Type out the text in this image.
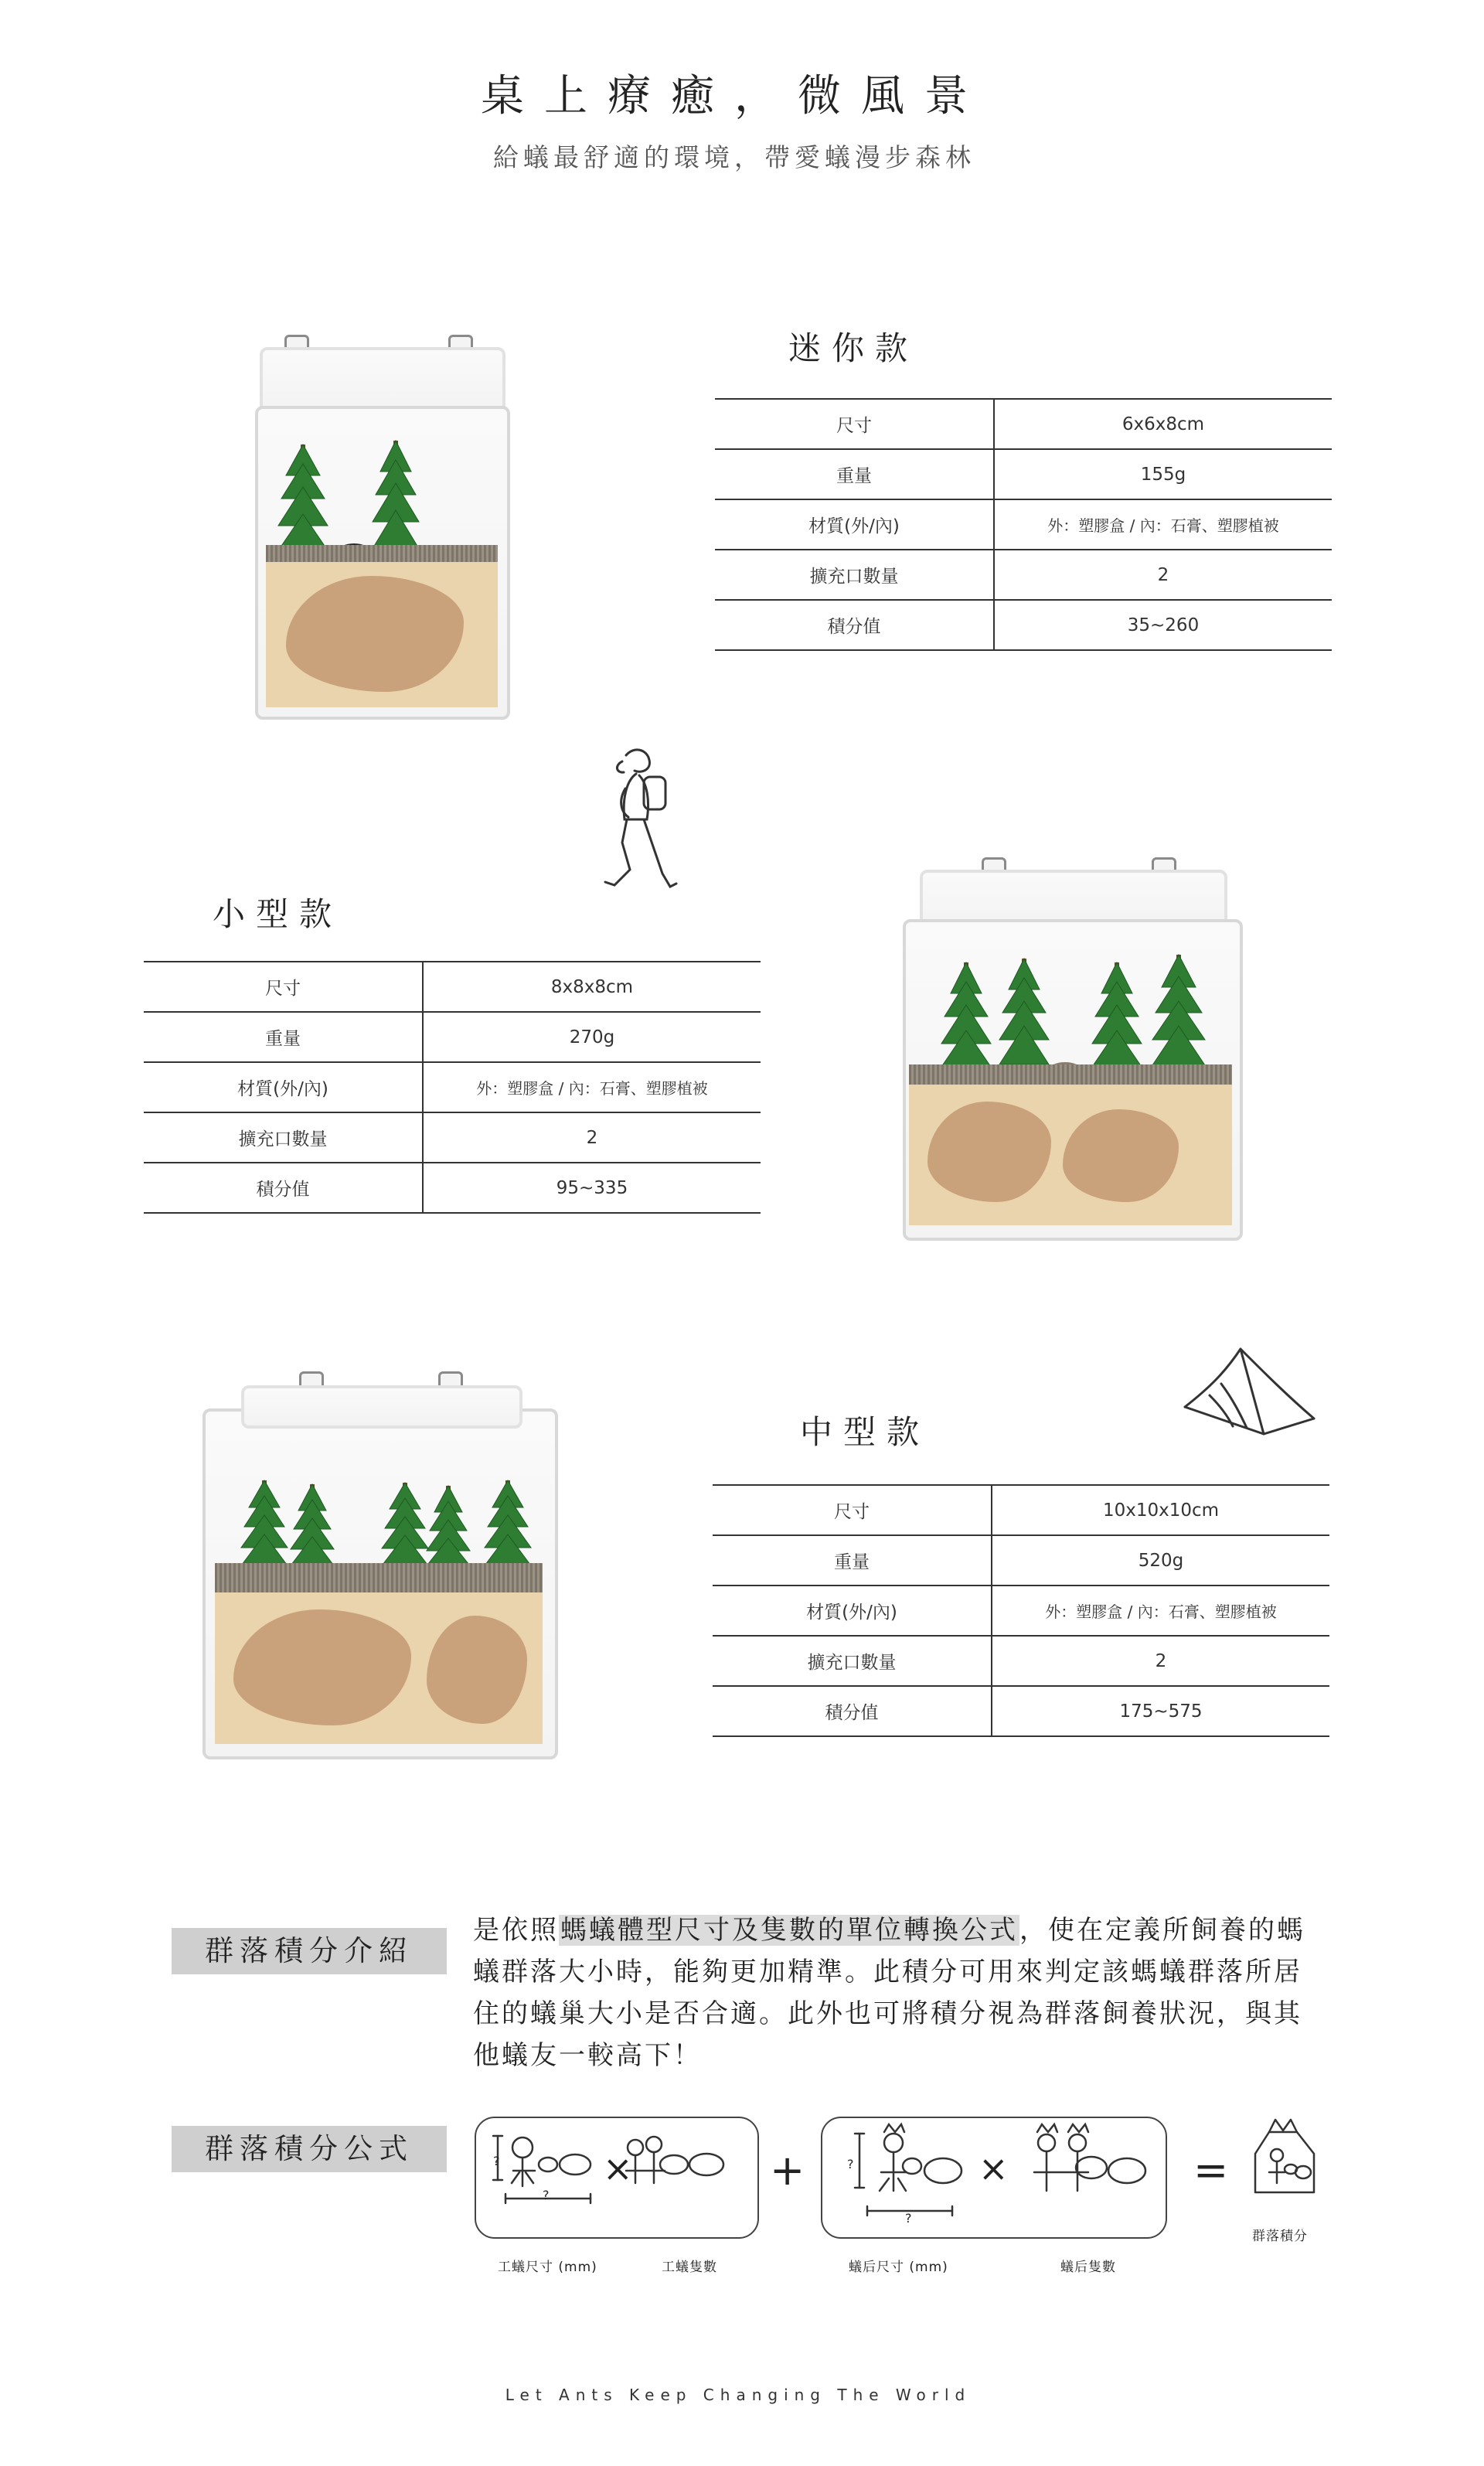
桌上療癒，微風景
給蟻最舒適的環境，帶愛蟻漫步森林
迷你款
尺寸	6x6x8cm
重量	155g
材質(外/內)	外：塑膠盒 / 內：石膏、塑膠植被
擴充口數量	2
積分值	35~260
小型款
尺寸	8x8x8cm
重量	270g
材質(外/內)	外：塑膠盒 / 內：石膏、塑膠植被
擴充口數量	2
積分值	95~335
中型款
尺寸	10x10x10cm
重量	520g
材質(外/內)	外：塑膠盒 / 內：石膏、塑膠植被
擴充口數量	2
積分值	175~575
群落積分介紹
是依照螞蟻體型尺寸及隻數的單位轉換公式，使在定義所飼養的螞蟻群落大小時，能夠更加精準。此積分可用來判定該螞蟻群落所居住的蟻巢大小是否合適。此外也可將積分視為群落飼養狀況，與其他蟻友一較高下！
群落積分公式	?
?
×	+	?
?
×	=
群落積分
工蟻尺寸 (mm)	工蟻隻數	蟻后尺寸 (mm)	蟻后隻數
Let Ants Keep Changing The World
